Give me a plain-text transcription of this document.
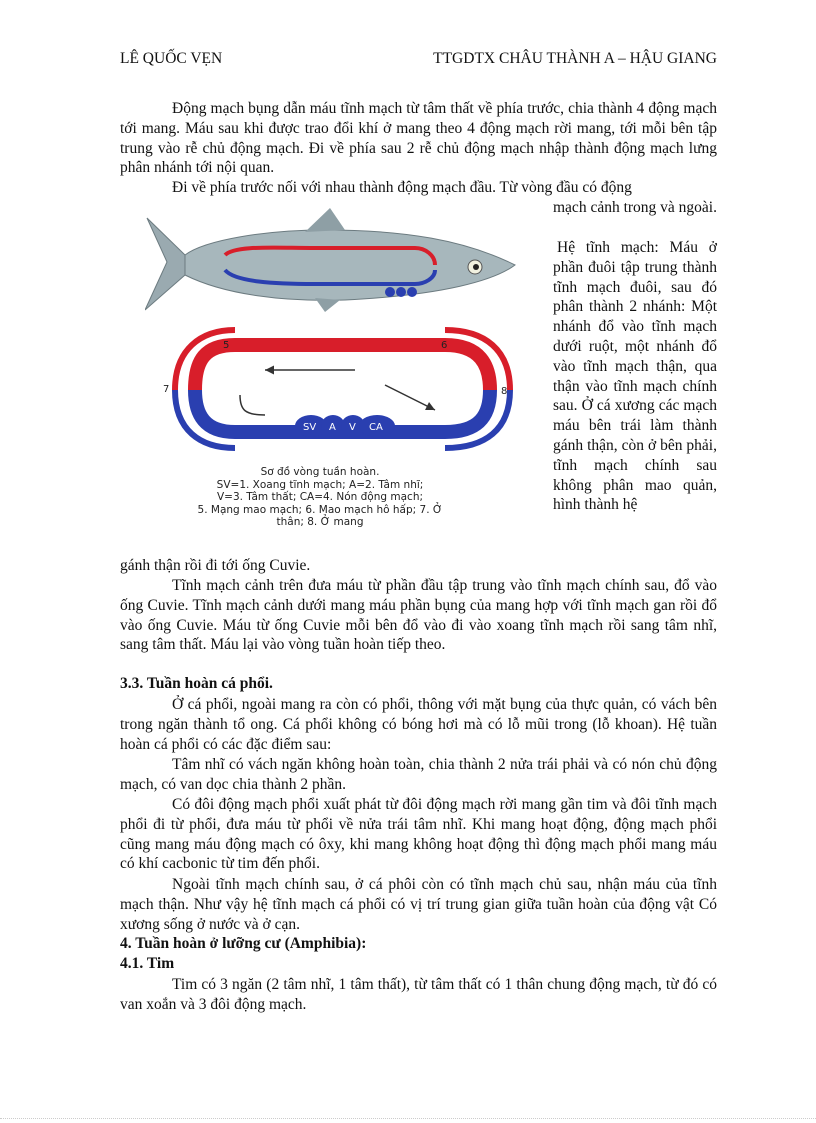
LÊ QUỐC VẸN	TTGDTX CHÂU THÀNH A – HẬU GIANG

Động mạch bụng dẫn máu tĩnh mạch từ tâm thất về phía trước, chia thành 4 động mạch tới mang. Máu sau khi được trao đổi khí ở mang theo 4 động mạch rời mang, tới mỗi bên tập trung vào rễ chủ động mạch. Đi về phía sau 2 rễ chủ động mạch nhập thành động mạch lưng phân nhánh tới nội quan.

Đi về phía trước nối với nhau thành động mạch đầu. Từ vòng đầu có động

mạch cảnh trong và ngoài.

Hệ tĩnh mạch: Máu ở phần đuôi tập trung thành tĩnh mạch đuôi, sau đó phân thành 2 nhánh: Một nhánh đổ vào tĩnh mạch dưới ruột, một nhánh đổ vào tĩnh mạch thận, qua thận vào tĩnh mạch chính sau. Ở cá xương các mạch máu bên trái làm thành gánh thận, còn ở bên phải, tĩnh mạch chính sau không phân mao quản, hình thành hệ

SV A V CA
5	6
7	8
Sơ đồ vòng tuần hoàn.
SV=1. Xoang tĩnh mạch; A=2. Tâm nhĩ;
V=3. Tâm thất; CA=4. Nón động mạch;
5. Mạng mao mạch; 6. Mao mạch hô hấp; 7. Ở
thân; 8. Ở mang

gánh thận rồi đi tới ống Cuvie.

Tĩnh mạch cảnh trên đưa máu từ phần đầu tập trung vào tĩnh mạch chính sau, đổ vào ống Cuvie. Tĩnh mạch cảnh dưới mang máu phần bụng của mang hợp với tĩnh mạch gan rồi đổ vào ống Cuvie. Máu từ ống Cuvie mỗi bên đổ vào đi vào xoang tĩnh mạch rồi sang tâm nhĩ, sang tâm thất. Máu lại vào vòng tuần hoàn tiếp theo.

3.3. Tuần hoàn cá phổi.

Ở cá phổi, ngoài mang ra còn có phổi, thông với mặt bụng của thực quản, có vách bên trong ngăn thành tổ ong. Cá phổi không có bóng hơi mà có lỗ mũi trong (lỗ khoan). Hệ tuần hoàn cá phổi có các đặc điểm sau:

Tâm nhĩ có vách ngăn không hoàn toàn, chia thành 2 nửa trái phải và có nón chủ động mạch, có van dọc chia thành 2 phần.

Có đôi động mạch phổi xuất phát từ đôi động mạch rời mang gần tim và đôi tĩnh mạch phổi đi từ phổi, đưa máu từ phổi về nửa trái tâm nhĩ. Khi mang hoạt động, động mạch phổi cũng mang máu động mạch có ôxy, khi mang không hoạt động thì động mạch phổi mang máu có khí cacbonic từ tim đến phổi.

Ngoài tĩnh mạch chính sau, ở cá phôi còn có tĩnh mạch chủ sau, nhận máu của tĩnh mạch thận. Như vậy hệ tĩnh mạch cá phổi có vị trí trung gian giữa tuần hoàn của động vật Có xương sống ở nước và ở cạn.

4. Tuần hoàn ở lưỡng cư (Amphibia):

4.1. Tim

Tim có 3 ngăn (2 tâm nhĩ, 1 tâm thất), từ tâm thất có 1 thân chung động mạch, từ đó có van xoắn và 3 đôi động mạch.
